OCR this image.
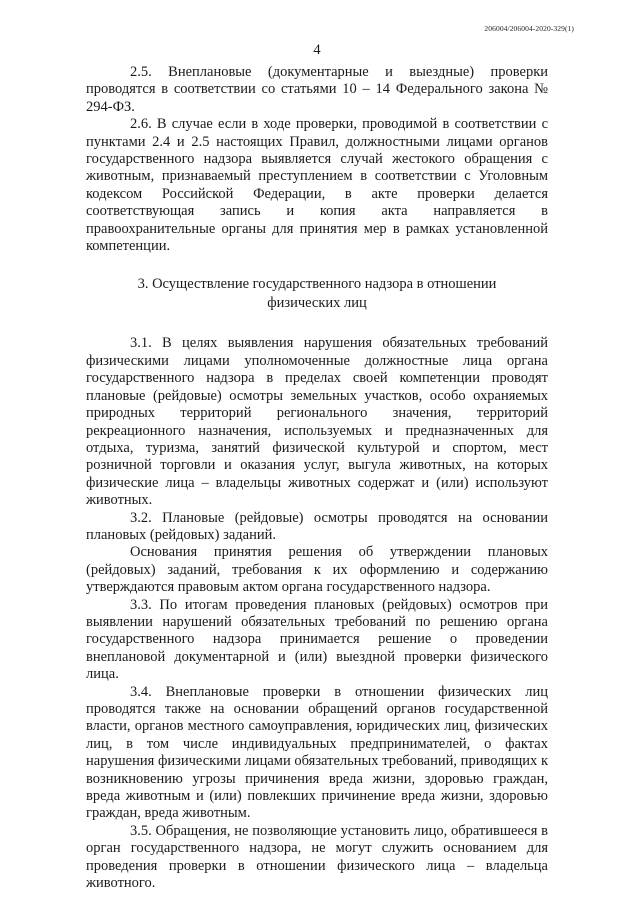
206004/206004-2020-329(1)
4

2.5. Внеплановые (документарные и выездные) проверки проводятся в соответствии со статьями 10 – 14 Федерального закона № 294-ФЗ.

2.6. В случае если в ходе проверки, проводимой в соответствии с пунктами 2.4 и 2.5 настоящих Правил, должностными лицами органов государственного надзора выявляется случай жестокого обращения с животным, признаваемый преступлением в соответствии с Уголовным кодексом Российской Федерации, в акте проверки делается соответствующая запись и копия акта направляется в правоохранительные органы для принятия мер в рамках установленной компетенции.

3. Осуществление государственного надзора в отношении
физических лиц

3.1. В целях выявления нарушения обязательных требований физическими лицами уполномоченные должностные лица органа государственного надзора в пределах своей компетенции проводят плановые (рейдовые) осмотры земельных участков, особо охраняемых природных территорий регионального значения, территорий рекреационного назначения, используемых и предназначенных для отдыха, туризма, занятий физической культурой и спортом, мест розничной торговли и оказания услуг, выгула животных, на которых физические лица – владельцы животных содержат и (или) используют животных.

3.2. Плановые (рейдовые) осмотры проводятся на основании плановых (рейдовых) заданий.

Основания принятия решения об утверждении плановых (рейдовых) заданий, требования к их оформлению и содержанию утверждаются правовым актом органа государственного надзора.

3.3. По итогам проведения плановых (рейдовых) осмотров при выявлении нарушений обязательных требований по решению органа государственного надзора принимается решение о проведении внеплановой документарной и (или) выездной проверки физического лица.

3.4. Внеплановые проверки в отношении физических лиц проводятся также на основании обращений органов государственной власти, органов местного самоуправления, юридических лиц, физических лиц, в том числе индивидуальных предпринимателей, о фактах нарушения физическими лицами обязательных требований, приводящих к возникновению угрозы причинения вреда жизни, здоровью граждан, вреда животным и (или) повлекших причинение вреда жизни, здоровью граждан, вреда животным.

3.5. Обращения, не позволяющие установить лицо, обратившееся в орган государственного надзора, не могут служить основанием для проведения проверки в отношении физического лица – владельца животного.
